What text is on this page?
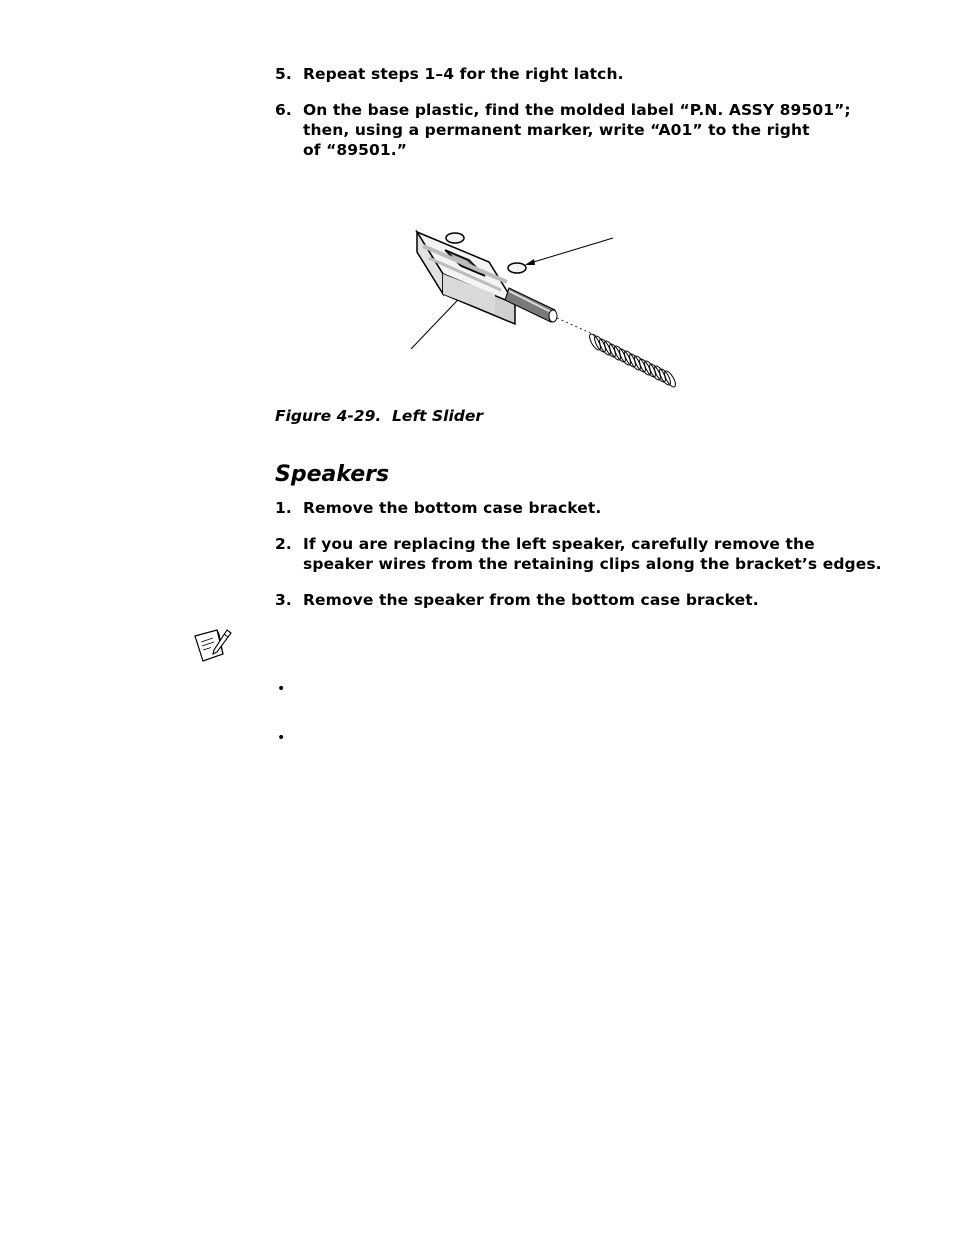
5. Repeat steps 1–4 for the right latch.
6. On the base plastic, find the molded label “P.N. ASSY 89501”;
then, using a permanent marker, write “A01” to the right
of “89501.”
Figure 4-29.  Left Slider
Speakers
1. Remove the bottom case bracket.
2. If you are replacing the left speaker, carefully remove the
speaker wires from the retaining clips along the bracket’s edges.
3. Remove the speaker from the bottom case bracket.
•
•
